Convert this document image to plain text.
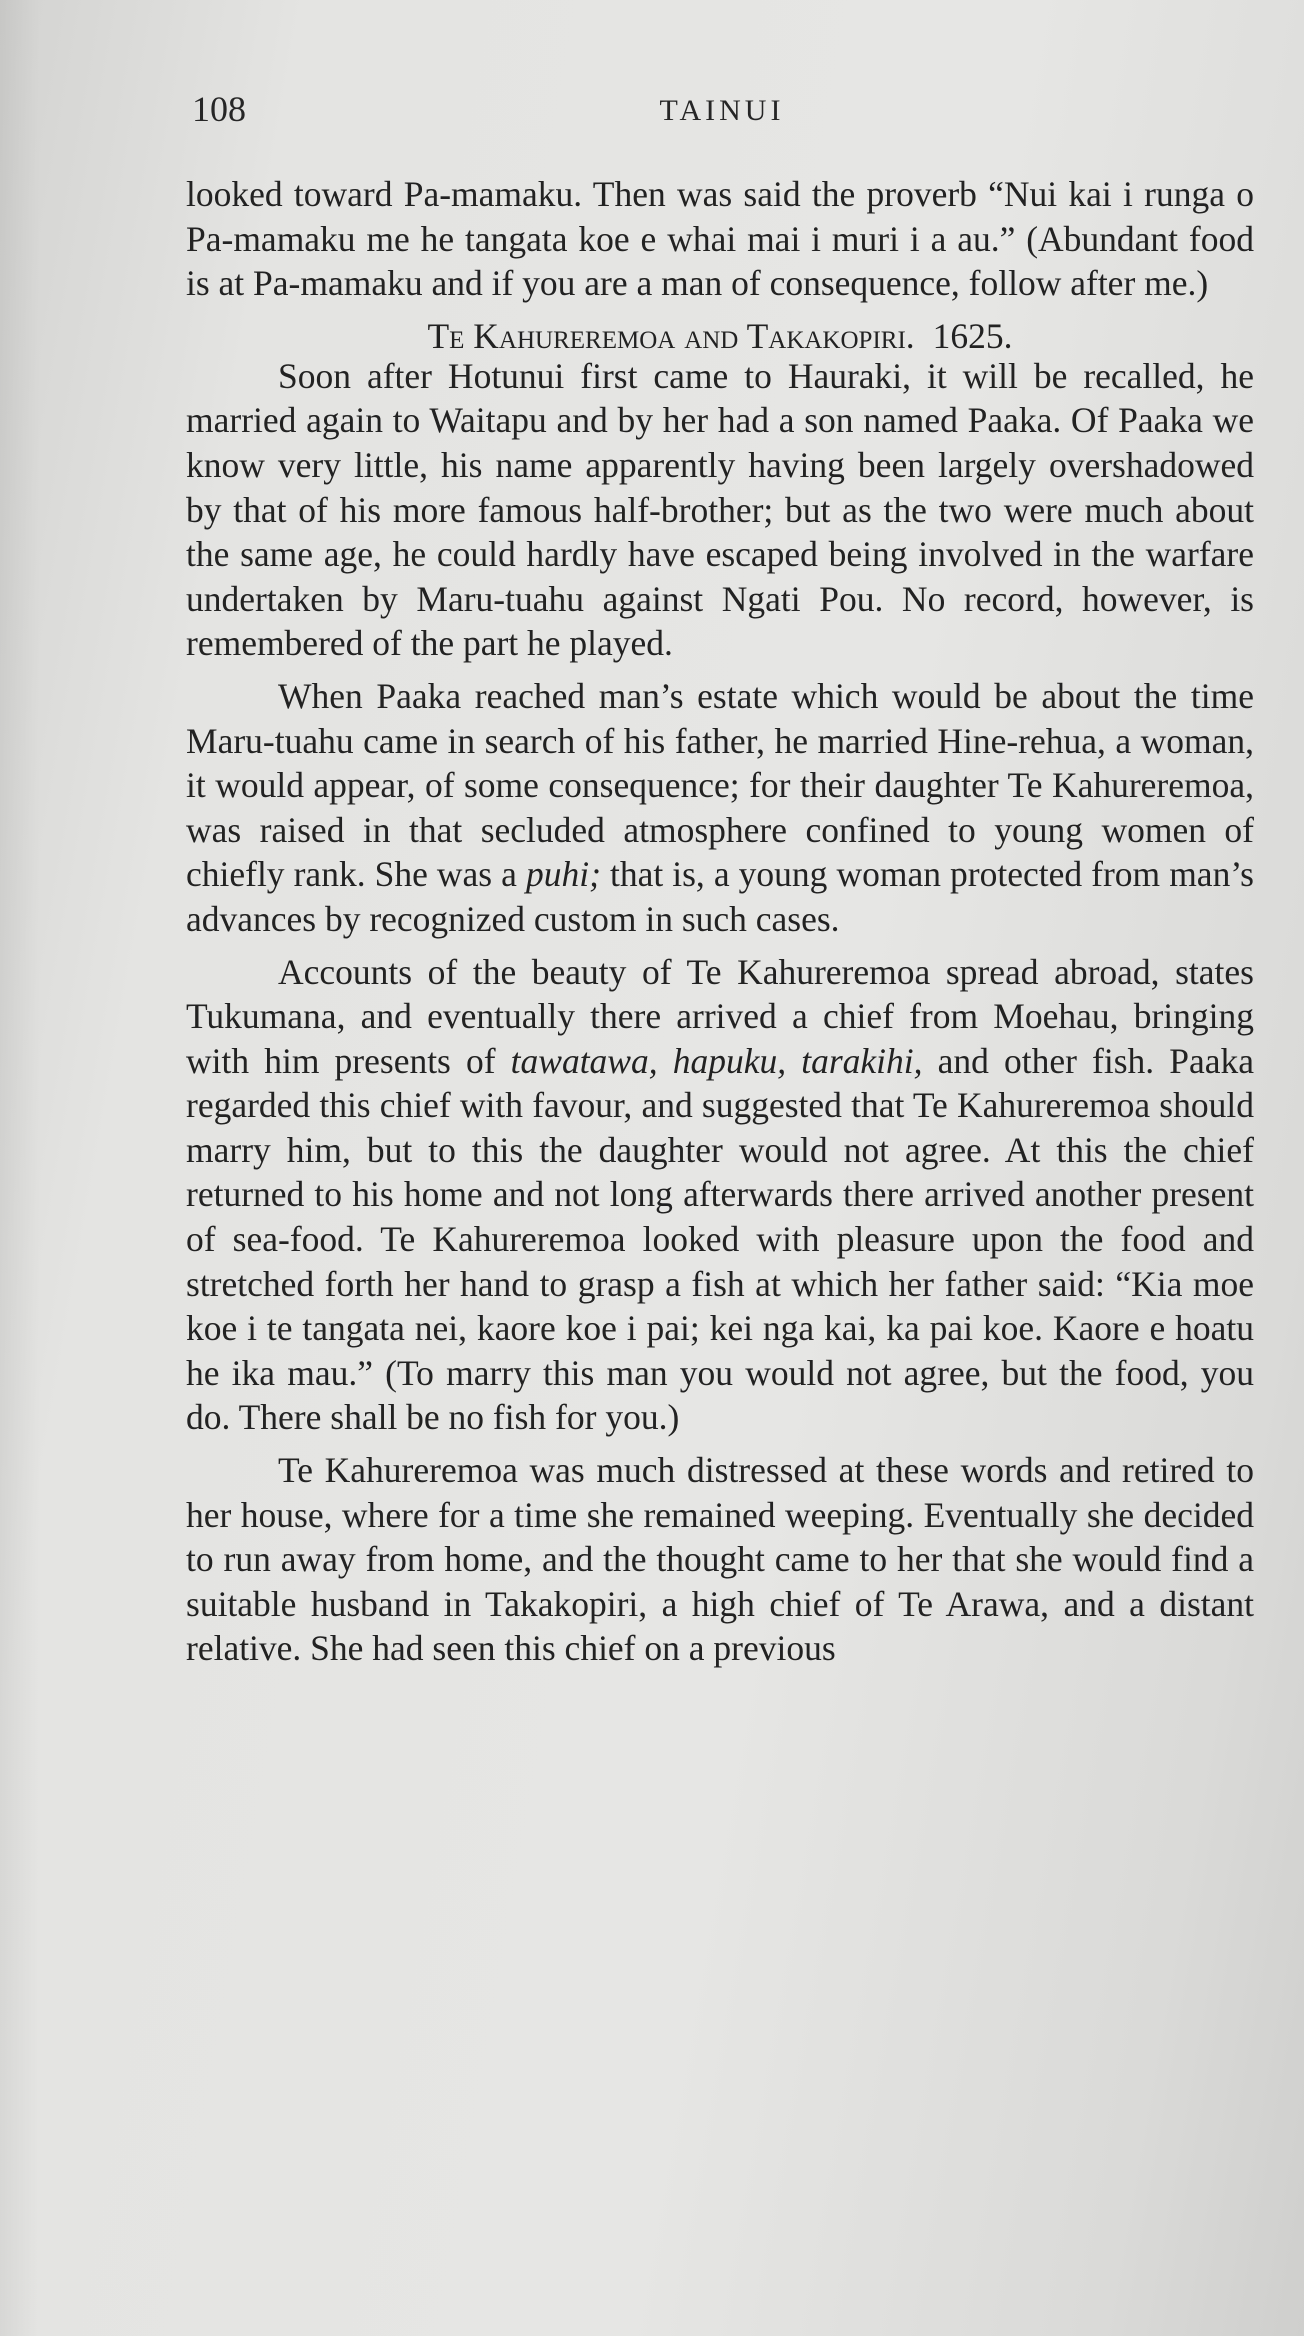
108	TAINUI

looked toward Pa-mamaku. Then was said the proverb “Nui kai i runga o Pa-mamaku me he tangata koe e whai mai i muri i a au.” (Abundant food is at Pa-mamaku and if you are a man of consequence, follow after me.)

Te Kahureremoa and Takakopiri. 1625.

Soon after Hotunui first came to Hauraki, it will be recalled, he married again to Waitapu and by her had a son named Paaka. Of Paaka we know very little, his name apparently having been largely overshadowed by that of his more famous half-brother; but as the two were much about the same age, he could hardly have escaped being involved in the warfare undertaken by Maru-tuahu against Ngati Pou. No record, however, is remembered of the part he played.

When Paaka reached man’s estate which would be about the time Maru-tuahu came in search of his father, he married Hine-rehua, a woman, it would appear, of some consequence; for their daughter Te Kahureremoa, was raised in that secluded atmosphere confined to young women of chiefly rank. She was a puhi; that is, a young woman protected from man’s advances by recognized custom in such cases.

Accounts of the beauty of Te Kahureremoa spread abroad, states Tukumana, and eventually there arrived a chief from Moehau, bringing with him presents of tawatawa, hapuku, tarakihi, and other fish. Paaka regarded this chief with favour, and suggested that Te Kahureremoa should marry him, but to this the daughter would not agree. At this the chief returned to his home and not long afterwards there arrived another present of sea-food. Te Kahureremoa looked with pleasure upon the food and stretched forth her hand to grasp a fish at which her father said: “Kia moe koe i te tangata nei, kaore koe i pai; kei nga kai, ka pai koe. Kaore e hoatu he ika mau.” (To marry this man you would not agree, but the food, you do. There shall be no fish for you.)

Te Kahureremoa was much distressed at these words and retired to her house, where for a time she remained weeping. Eventually she decided to run away from home, and the thought came to her that she would find a suitable husband in Takakopiri, a high chief of Te Arawa, and a distant relative. She had seen this chief on a previous
